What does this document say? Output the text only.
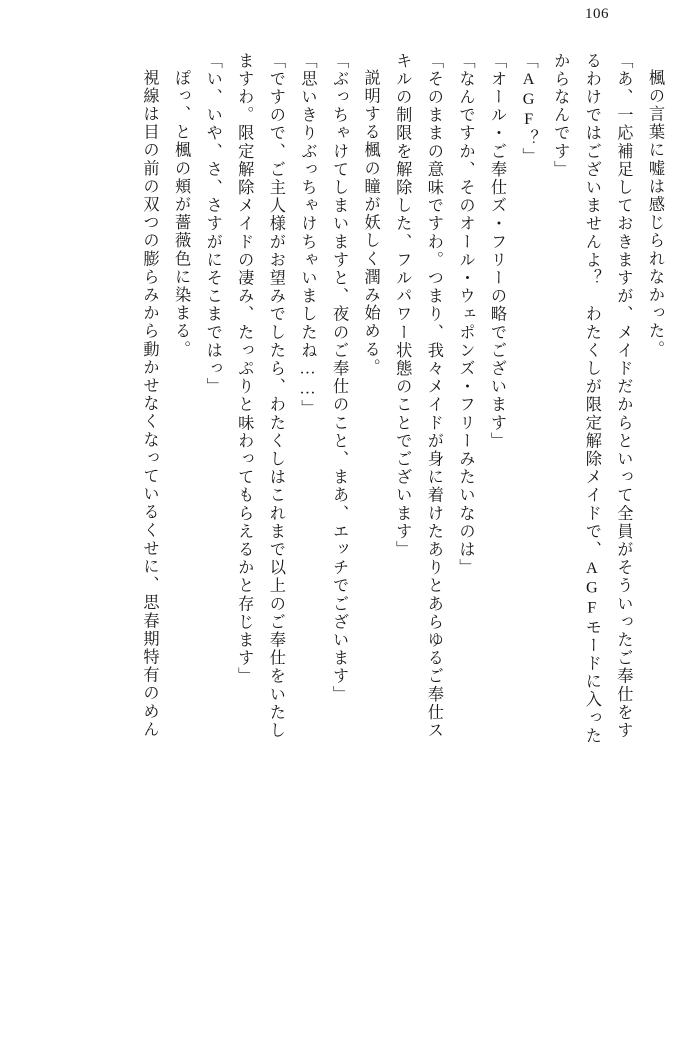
106
楓の言葉に嘘は感じられなかった。
「あ、一応補足しておきますが、メイドだからといって全員がそういったご奉仕をす
るわけではございませんよ？　わたくしが限定解除メイドで、AGFモードに入った
からなんです」
「AGF？」
「オール・ご奉仕ズ・フリーの略でございます」
「なんですか、そのオール・ウェポンズ・フリーみたいなのは」
「そのままの意味ですわ。つまり、我々メイドが身に着けたありとあらゆるご奉仕ス
キルの制限を解除した、フルパワー状態のことでございます」
説明する楓の瞳が妖しく潤み始める。
「ぶっちゃけてしまいますと、夜のご奉仕のこと、まあ、エッチでございます」
「思いきりぶっちゃけちゃいましたね……」
「ですので、ご主人様がお望みでしたら、わたくしはこれまで以上のご奉仕をいたし
ますわ。限定解除メイドの凄み、たっぷりと味わってもらえるかと存じます」
「い、いや、さ、さすがにそこまではっ」
ぽっ、と楓の頬が薔薇色に染まる。
視線は目の前の双つの膨らみから動かせなくなっているくせに、思春期特有のめん
